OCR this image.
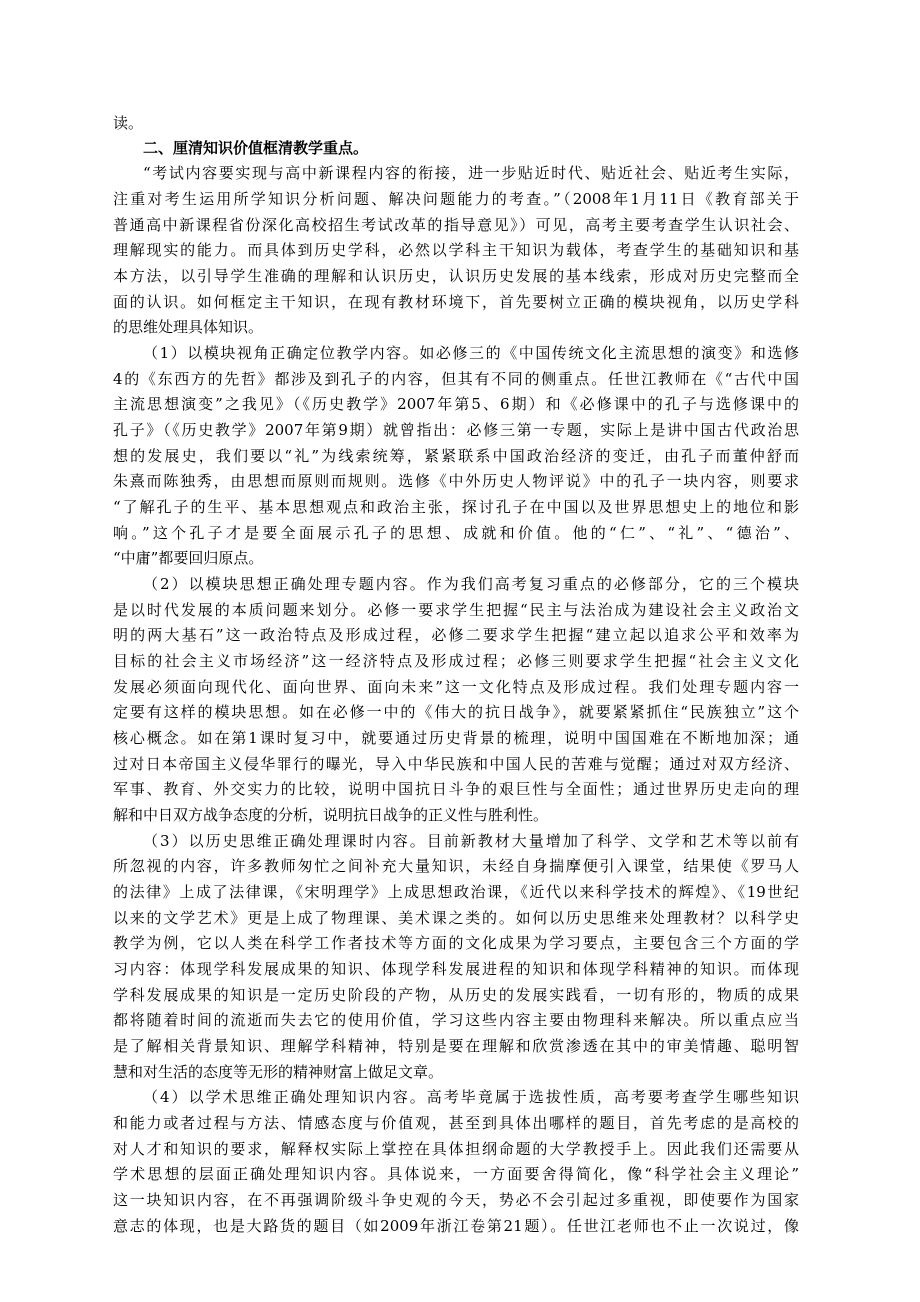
读。

二、厘清知识价值框清教学重点。

“考试内容要实现与高中新课程内容的衔接，进一步贴近时代、贴近社会、贴近考生实际，

注重对考生运用所学知识分析问题、解决问题能力的考查。”（2008年1月11日《教育部关于

普通高中新课程省份深化高校招生考试改革的指导意见》）可见，高考主要考查学生认识社会、

理解现实的能力。而具体到历史学科，必然以学科主干知识为载体，考查学生的基础知识和基

本方法，以引导学生准确的理解和认识历史，认识历史发展的基本线索，形成对历史完整而全

面的认识。如何框定主干知识，在现有教材环境下，首先要树立正确的模块视角，以历史学科

的思维处理具体知识。

（1）以模块视角正确定位教学内容。如必修三的《中国传统文化主流思想的演变》和选修

4的《东西方的先哲》都涉及到孔子的内容，但其有不同的侧重点。任世江教师在《“古代中国

主流思想演变”之我见》（《历史教学》2007年第5、6期）和《必修课中的孔子与选修课中的

孔子》（《历史教学》2007年第9期）就曾指出：必修三第一专题，实际上是讲中国古代政治思

想的发展史，我们要以“礼”为线索统筹，紧紧联系中国政治经济的变迁，由孔子而董仲舒而

朱熹而陈独秀，由思想而原则而规则。选修《中外历史人物评说》中的孔子一块内容，则要求

“了解孔子的生平、基本思想观点和政治主张，探讨孔子在中国以及世界思想史上的地位和影

响。”这个孔子才是要全面展示孔子的思想、成就和价值。他的“仁”、“礼”、“德治”、

“中庸”都要回归原点。

（2）以模块思想正确处理专题内容。作为我们高考复习重点的必修部分，它的三个模块

是以时代发展的本质问题来划分。必修一要求学生把握“民主与法治成为建设社会主义政治文

明的两大基石”这一政治特点及形成过程，必修二要求学生把握“建立起以追求公平和效率为

目标的社会主义市场经济”这一经济特点及形成过程；必修三则要求学生把握“社会主义文化

发展必须面向现代化、面向世界、面向未来”这一文化特点及形成过程。我们处理专题内容一

定要有这样的模块思想。如在必修一中的《伟大的抗日战争》，就要紧紧抓住“民族独立”这个

核心概念。如在第1课时复习中，就要通过历史背景的梳理，说明中国国难在不断地加深；通

过对日本帝国主义侵华罪行的曝光，导入中华民族和中国人民的苦难与觉醒；通过对双方经济、

军事、教育、外交实力的比较，说明中国抗日斗争的艰巨性与全面性；通过世界历史走向的理

解和中日双方战争态度的分析，说明抗日战争的正义性与胜利性。

（3）以历史思维正确处理课时内容。目前新教材大量增加了科学、文学和艺术等以前有

所忽视的内容，许多教师匆忙之间补充大量知识，未经自身揣摩便引入课堂，结果使《罗马人

的法律》上成了法律课，《宋明理学》上成思想政治课，《近代以来科学技术的辉煌》、《19世纪

以来的文学艺术》更是上成了物理课、美术课之类的。如何以历史思维来处理教材？以科学史

教学为例，它以人类在科学工作者技术等方面的文化成果为学习要点，主要包含三个方面的学

习内容：体现学科发展成果的知识、体现学科发展进程的知识和体现学科精神的知识。而体现

学科发展成果的知识是一定历史阶段的产物，从历史的发展实践看，一切有形的，物质的成果

都将随着时间的流逝而失去它的使用价值，学习这些内容主要由物理科来解决。所以重点应当

是了解相关背景知识、理解学科精神，特别是要在理解和欣赏渗透在其中的审美情趣、聪明智

慧和对生活的态度等无形的精神财富上做足文章。

（4）以学术思维正确处理知识内容。高考毕竟属于选拔性质，高考要考查学生哪些知识

和能力或者过程与方法、情感态度与价值观，甚至到具体出哪样的题目，首先考虑的是高校的

对人才和知识的要求，解释权实际上掌控在具体担纲命题的大学教授手上。因此我们还需要从

学术思想的层面正确处理知识内容。具体说来，一方面要舍得简化，像“科学社会主义理论”

这一块知识内容，在不再强调阶级斗争史观的今天，势必不会引起过多重视，即使要作为国家

意志的体现，也是大路货的题目（如2009年浙江卷第21题）。任世江老师也不止一次说过，像
